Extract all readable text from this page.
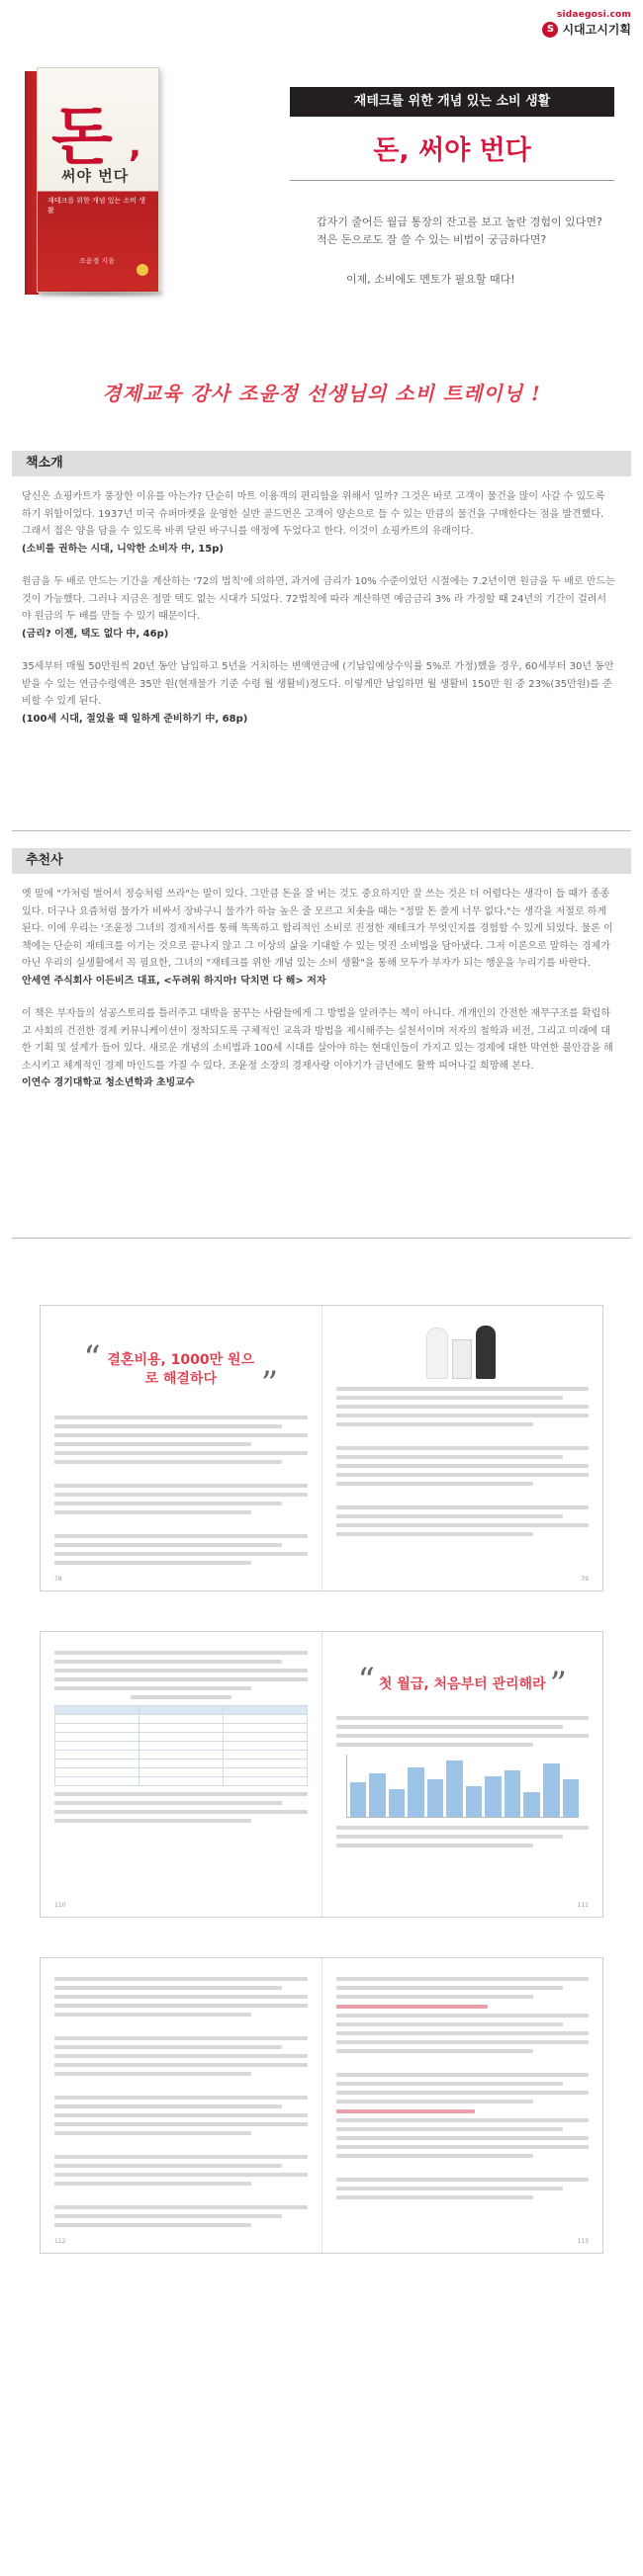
sidaegosi.com
S 시대고시기획
돈 ,
써야 번다
재테크를 위한 개념 있는 소비 생활
조윤정 지음
재테크를 위한 개념 있는 소비 생활
돈, 써야 번다
갑자기 줄어든 월급 통장의 잔고를 보고 놀란 경험이 있다면?
적은 돈으로도 잘 쓸 수 있는 비법이 궁금하다면?
이제, 소비에도 멘토가 필요할 때다!
경제교육 강사 조윤정 선생님의 소비 트레이닝 !
책소개

당신은 쇼핑카트가 풍장한 이유를 아는가? 단순히 마트 이용객의 편리함을 위해서 일까? 그것은 바로 고객이 물건을 많이 사갈 수 있도록 하기 위함이었다. 1937년 미국 슈퍼마켓을 운영한 실반 골드먼은 고객이 양손으로 들 수 있는 만큼의 물건을 구매한다는 점을 발견했다. 그래서 접은 양을 담을 수 있도록 바퀴 달린 바구니를 애정에 두었다고 한다. 이것이 쇼핑카트의 유래이다.
(소비를 권하는 시대, 니악한 소비자 中, 15p)

원금을 두 배로 만드는 기간을 계산하는 '72의 법칙'에 의하면, 과거에 금리가 10% 수준이었던 시절에는 7.2년이면 원금을 두 배로 만드는 것이 가능했다. 그러나 지금은 정말 택도 없는 시대가 되었다. 72법칙에 따라 계산하면 예금금리 3% 라 가정할 때 24년의 기간이 걸려서야 원금의 두 배를 만들 수 있기 때문이다.
(금리? 이젠, 택도 없다 中, 46p)

35세부터 매월 50만원씩 20년 동안 납입하고 5년을 거치하는 변액연금에 (기납입예상수익률 5%로 가정)했을 경우, 60세부터 30년 동안 받을 수 있는 연금수령액은 35만 원(현재물가 기준 수령 월 생활비)정도다. 이렇게만 납입하면 월 생활비 150만 원 중 23%(35만원)를 준비할 수 있게 된다.
(100세 시대, 절었을 때 일하게 준비하기 中, 68p)

추천사

옛 말에 "가처럼 벌어서 정승처럼 쓰라"는 말이 있다. 그만큼 돈을 잘 버는 것도 중요하지만 잘 쓰는 것은 더 어렵다는 생각이 들 때가 종종 있다. 더구나 요즘처럼 물가가 비싸서 장바구니 물가가 하늘 높은 줄 모르고 치솟을 때는 "정말 돈 쓸게 너무 없다."는 생각을 저절로 하게 된다. 이에 우리는 '조윤정 그녀의 경제저서를 통해 똑똑하고 합리적인 소비로 진정한 재테크가 무엇인지를 경험할 수 있게 되었다. 물론 이 책에는 단순히 재테크를 이기는 것으로 끝나지 않고 그 이상의 삶을 기대할 수 있는 멋진 소비법을 담아냈다. 그저 이론으로 말하는 경제가 아닌 우리의 실생활에서 꼭 필요한, 그녀의 "재테크를 위한 개념 있는 소비 생활"을 통해 모두가 부자가 되는 행운을 누리기를 바란다.
안세연 주식회사 이든비즈 대표, <두려워 하지마! 닥치면 다 해> 저자

이 책은 부자들의 성공스토리를 틀러주고 대박을 꿈꾸는 사람들에게 그 방법을 알려주는 책이 아니다. 개개인의 간전한 재무구조를 확립하고 사회의 건전한 경제 커뮤니케이션이 정착되도록 구체적인 교육과 방법을 제시해주는 실천서이며 저자의 철학과 비전, 그리고 미래에 대한 기획 및 설계가 들어 있다. 새로운 개념의 소비법과 100세 시대를 살아야 하는 현대인들이 가지고 있는 경제에 대한 막연한 불안감을 해소시키고 체계적인 경제 마인드를 가질 수 있다. 조윤정 소장의 경제사랑 이야기가 금년에도 활짝 피어나길 희망해 본다.
이연수 경기대학교 청소년학과 초빙교수

“ 결혼비용, 1000만 원으로 해결하다	”
78	79

110
“ 첫 월급, 처음부터 관리해라 ”
111
112	113
